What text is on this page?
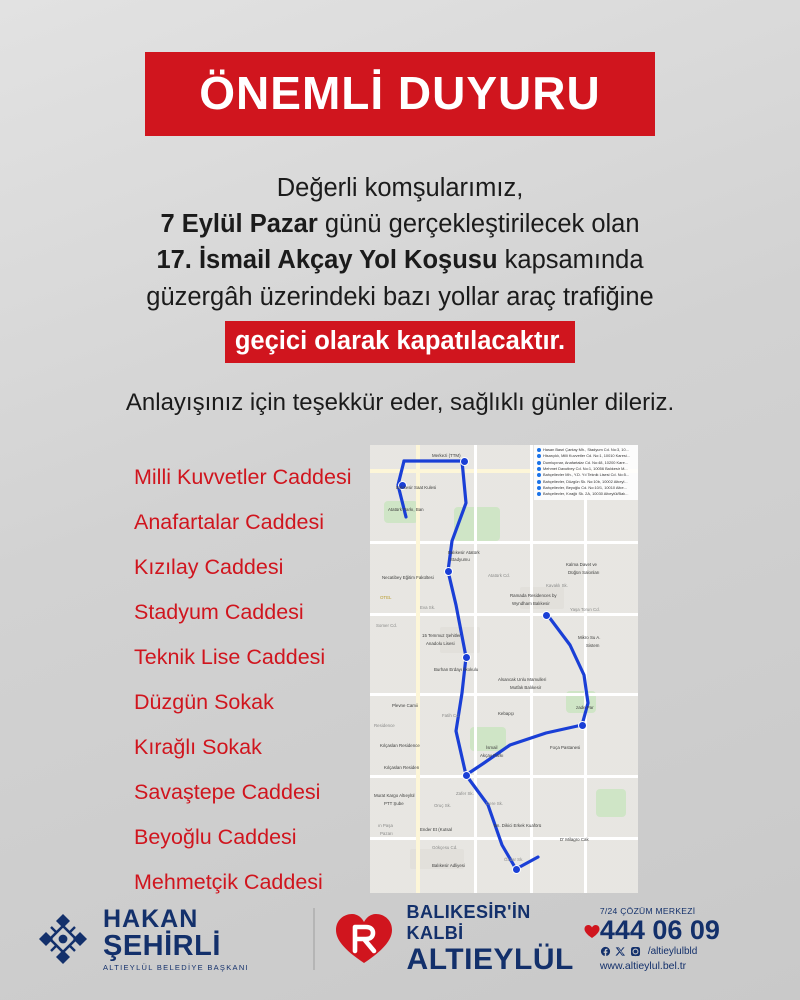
ÖNEMLİ DUYURU
Değerli komşularımız,
7 Eylül Pazar günü gerçekleştirilecek olan
17. İsmail Akçay Yol Koşusu kapsamında
güzergâh üzerindeki bazı yollar araç trafiğine
geçici olarak kapatılacaktır.
Anlayışınız için teşekkür eder, sağlıklı günler dileriz.
Milli Kuvvetler Caddesi
Anafartalar Caddesi
Kızılay Caddesi
Stadyum Caddesi
Teknik Lise Caddesi
Düzgün Sokak
Kırağlı Sokak
Savaştepe Caddesi
Beyoğlu Caddesi
Mehmetçik Caddesi
Merkezi (TTM)
Balıkesir Saat Kulesi
Atatürk Parkı, Ban
Balıkesir Atatürk
Stadyumu
Necatibey Eğitim Fakültesi	Atatürk Cd.
Kalma Davet ve
Düğün Salonları
OTEL	Ramada Residences by
Wyndham Balıkesir
Kavaklı Sk.
Yaşa Torun Cd.
Eva Sk.
15 Temmuz Şehitler
Anadolu Lisesi
Mikro Su A.
Sistem
Somer Cd.
Burhan Erdayı İlkokulu
Alsancak Unlu Mamulleri
Mutfak Balıkesir
Plevne Camii
Kebapçı
zade Par
Fatih Cd.
Residence
İsmail
Akçay Parkı
Kılçaslan Residence	Foça Pastanesi
Kılçaslan Residen
Murat Kargo Altıeylül
PTT Şube
Zafer Sk.
Dere Sk.
Oruç Sk.
Ender Et (Kutsal
Bn. Dikici Erkek Kuaförü
D' Milagro Cak
ın Paşa
Pazarı
Gökçesu Cd.
Balıkesir Adliyesi
Özdar Sk.
Hasan Basri Çantay Mh., Stadyum Cd. No:3, 10...
Hisarçıklı, Milli Kuvvetler Cd. No:1, 10010 Karesi...
Dumlupınar, Anafartalar Cd. No:48, 10200 Kare...
Mehmet Davutbey Cd. No:1, 10056 Balıkesir M...
Bahçelievler Mh., Y.D. Yıl Teknik Lisesi Cd. No:5...
Bahçelievler, Düzgün Sk. No:10b, 10002 Altıeyl...
Bahçelievler, Beyoğlu Cd. No:10/1, 10010 Altıe...
Bahçelievler, Kırağlı Sk. 2A, 10030 Altıeylül/Balı...
HAKAN
ŞEHİRLİ
ALTIEYLÜL BELEDİYE BAŞKANI
BALIKESİR'İN KALBİ
ALTIEYLÜL
7/24 ÇÖZÜM MERKEZİ
444 06 09
/altieylulbld
www.altieylul.bel.tr
